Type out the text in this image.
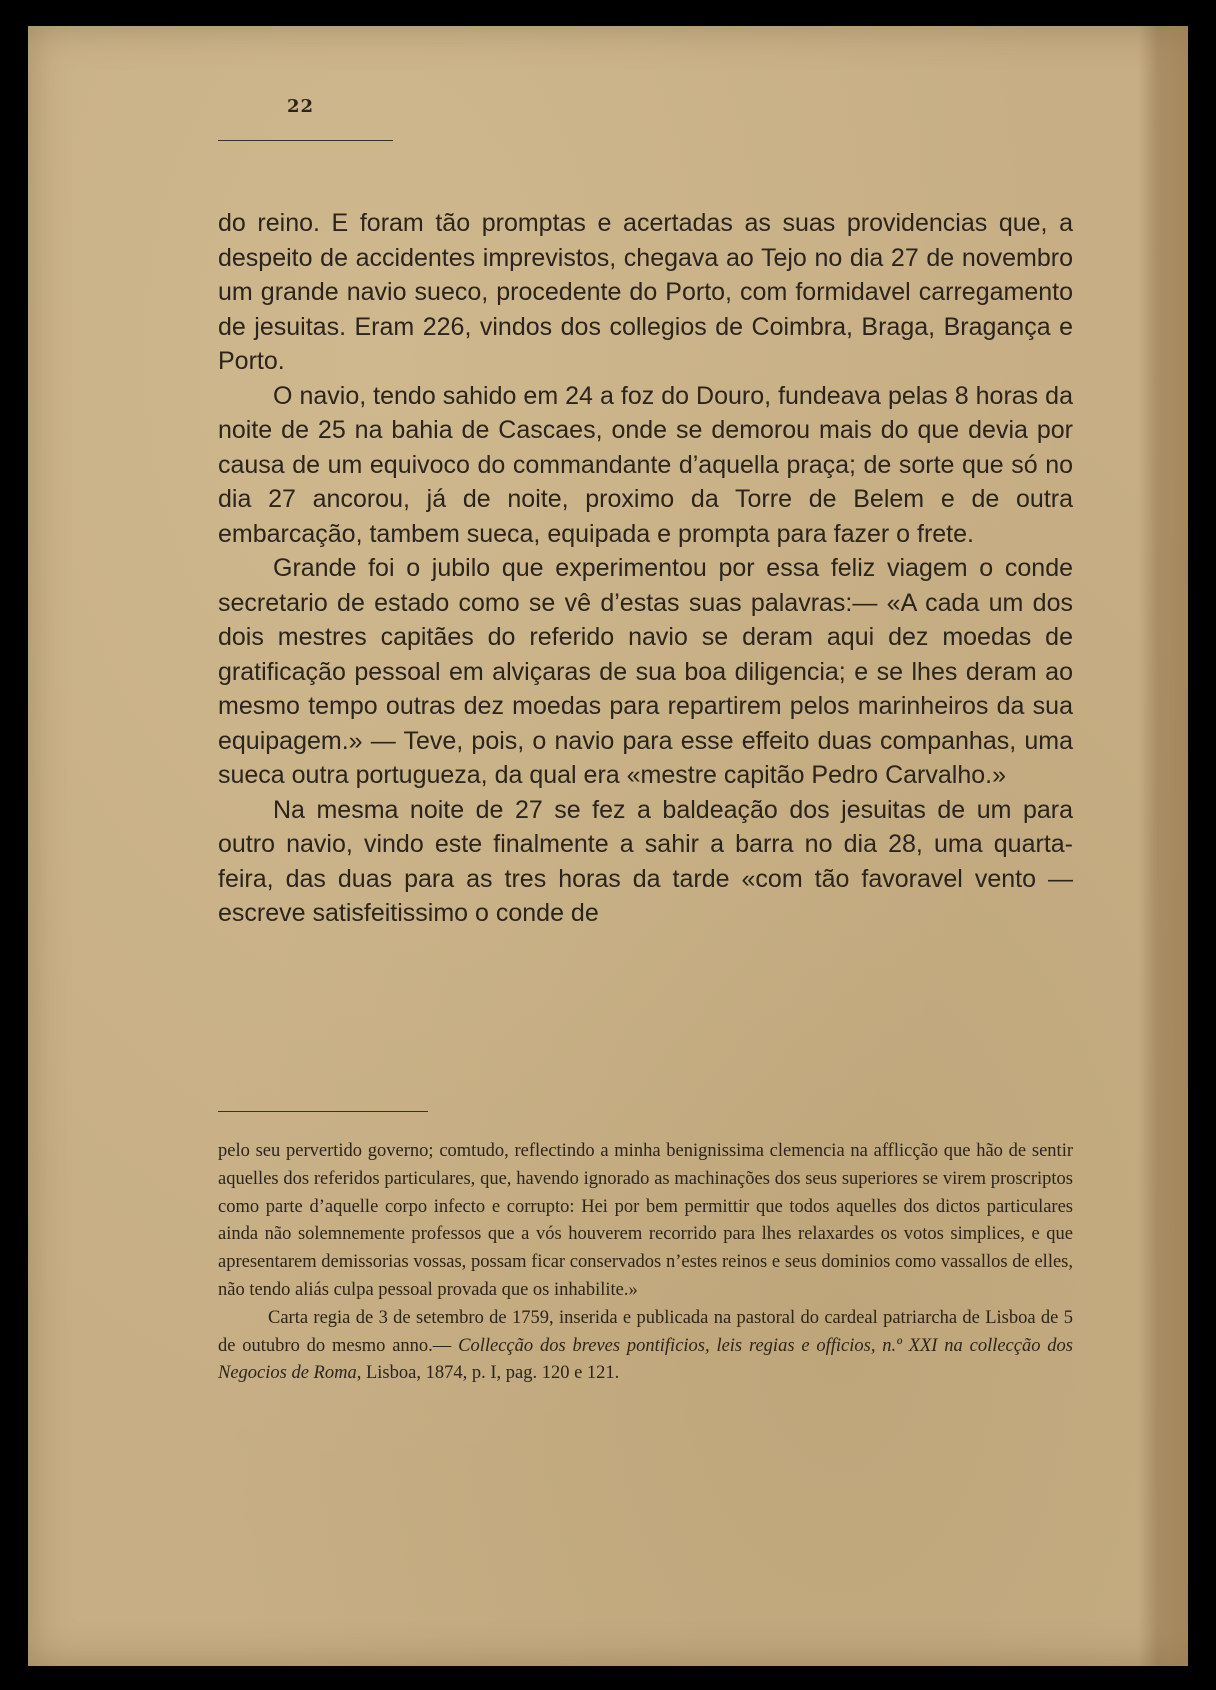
22

do reino. E foram tão promptas e acertadas as suas providencias que, a despeito de accidentes imprevistos, chegava ao Tejo no dia 27 de novembro um grande navio sueco, procedente do Porto, com formidavel carregamento de jesuitas. Eram 226, vindos dos collegios de Coimbra, Braga, Bragança e Porto.

O navio, tendo sahido em 24 a foz do Douro, fundeava pelas 8 horas da noite de 25 na bahia de Cascaes, onde se demorou mais do que devia por causa de um equivoco do commandante d’aquella praça; de sorte que só no dia 27 ancorou, já de noite, proximo da Torre de Belem e de outra embarcação, tambem sueca, equipada e prompta para fazer o frete.

Grande foi o jubilo que experimentou por essa feliz viagem o conde secretario de estado como se vê d’estas suas palavras:— «A cada um dos dois mestres capitães do referido navio se deram aqui dez moedas de gratificação pessoal em alviçaras de sua boa diligencia; e se lhes deram ao mesmo tempo outras dez moedas para repartirem pelos marinheiros da sua equipagem.» — Teve, pois, o navio para esse effeito duas companhas, uma sueca outra portugueza, da qual era «mestre capitão Pedro Carvalho.»

Na mesma noite de 27 se fez a baldeação dos jesuitas de um para outro navio, vindo este finalmente a sahir a barra no dia 28, uma quarta-feira, das duas para as tres horas da tarde «com tão favoravel vento — escreve satisfeitissimo o conde de

pelo seu pervertido governo; comtudo, reflectindo a minha benignissima clemencia na afflicção que hão de sentir aquelles dos referidos particulares, que, havendo ignorado as machinações dos seus superiores se virem proscriptos como parte d’aquelle corpo infecto e corrupto: Hei por bem permittir que todos aquelles dos dictos particulares ainda não solemnemente professos que a vós houverem recorrido para lhes relaxardes os votos simplices, e que apresentarem demissorias vossas, possam ficar conservados n’estes reinos e seus dominios como vassallos de elles, não tendo aliás culpa pessoal provada que os inhabilite.»

Carta regia de 3 de setembro de 1759, inserida e publicada na pastoral do cardeal patriarcha de Lisboa de 5 de outubro do mesmo anno.— Collecção dos breves pontificios, leis regias e officios, n.º XXI na collecção dos Negocios de Roma, Lisboa, 1874, p. I, pag. 120 e 121.
